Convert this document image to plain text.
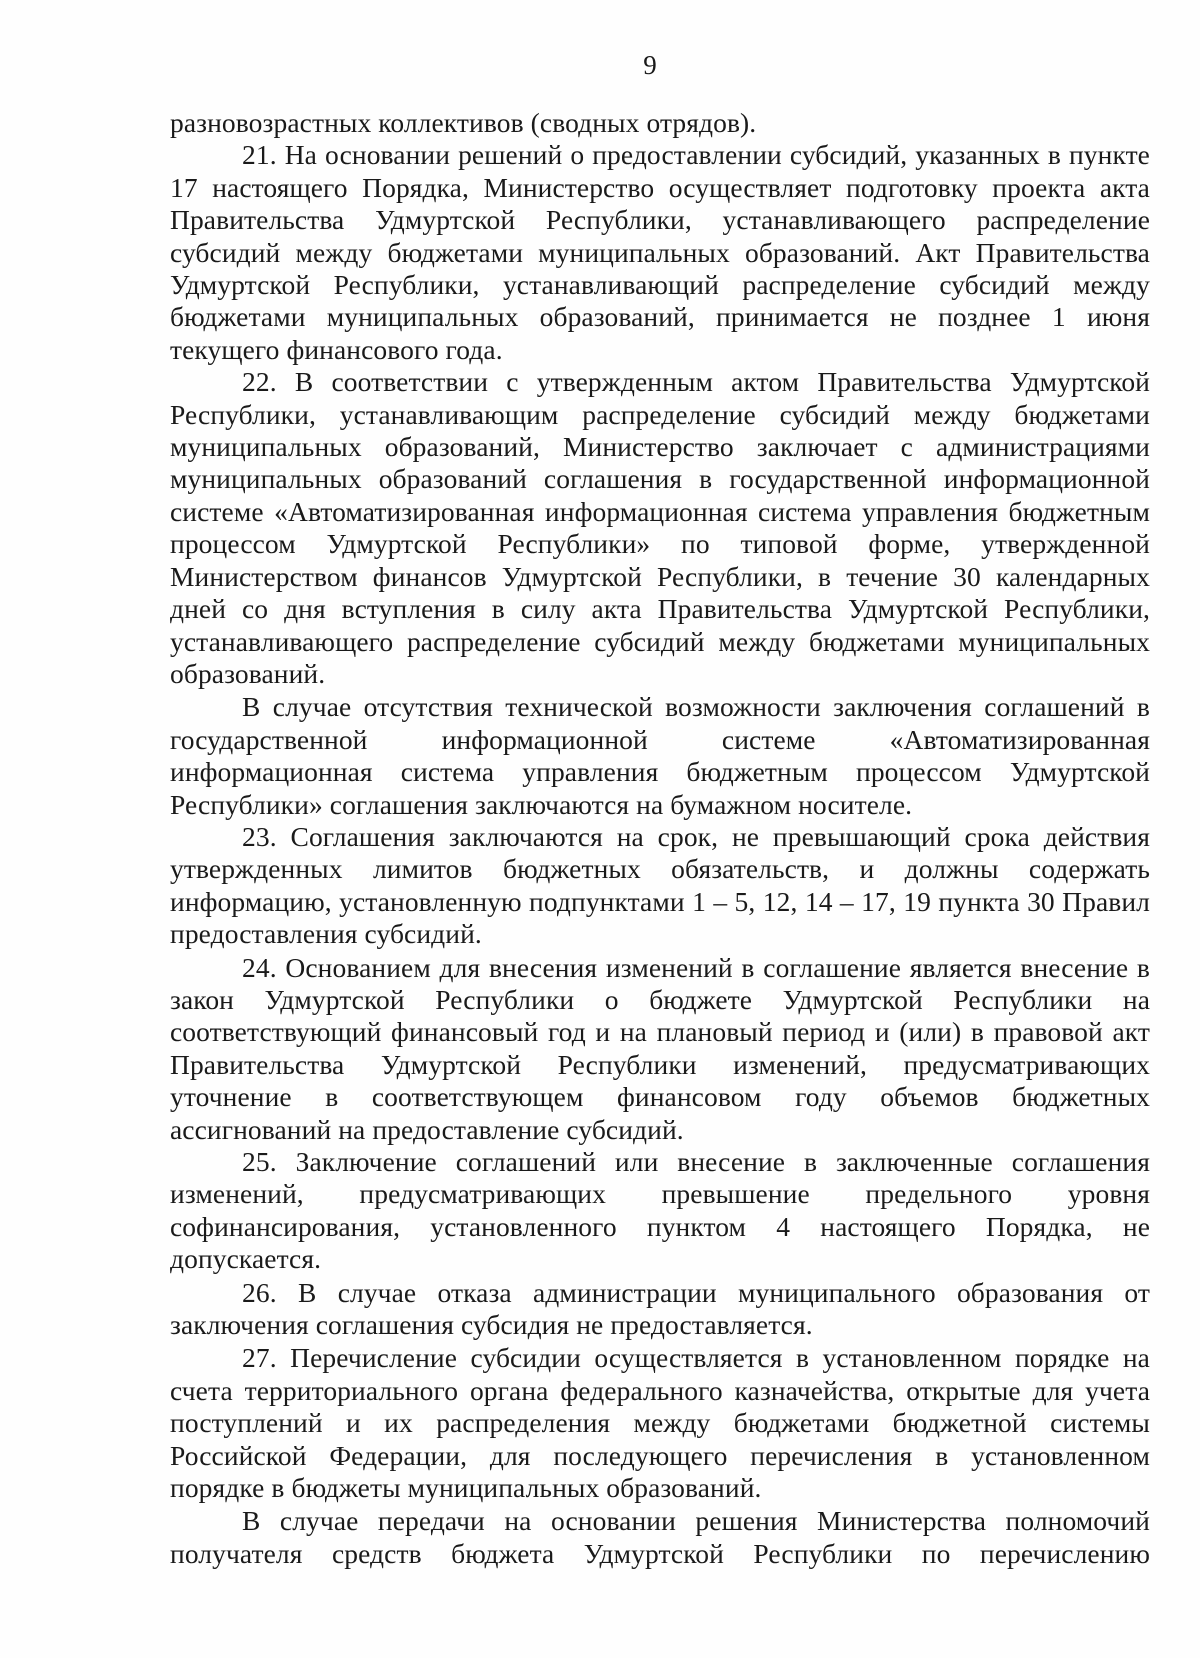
9

разновозрастных коллективов (сводных отрядов).

21. На основании решений о предоставлении субсидий, указанных в пункте 17 настоящего Порядка, Министерство осуществляет подготовку проекта акта Правительства Удмуртской Республики, устанавливающего распределение субсидий между бюджетами муниципальных образований. Акт Правительства Удмуртской Республики, устанавливающий распределение субсидий между бюджетами муниципальных образований, принимается не позднее 1 июня текущего финансового года.

22. В соответствии с утвержденным актом Правительства Удмуртской Республики, устанавливающим распределение субсидий между бюджетами муниципальных образований, Министерство заключает с администрациями муниципальных образований соглашения в государственной информационной системе «Автоматизированная информационная система управления бюджетным процессом Удмуртской Республики» по типовой форме, утвержденной Министерством финансов Удмуртской Республики, в течение 30 календарных дней со дня вступления в силу акта Правительства Удмуртской Республики, устанавливающего распределение субсидий между бюджетами муниципальных образований.

В случае отсутствия технической возможности заключения соглашений в государственной информационной системе «Автоматизированная информационная система управления бюджетным процессом Удмуртской Республики» соглашения заключаются на бумажном носителе.

23. Соглашения заключаются на срок, не превышающий срока действия утвержденных лимитов бюджетных обязательств, и должны содержать информацию, установленную подпунктами 1 – 5, 12, 14 – 17, 19 пункта 30 Правил предоставления субсидий.

24. Основанием для внесения изменений в соглашение является внесение в закон Удмуртской Республики о бюджете Удмуртской Республики на соответствующий финансовый год и на плановый период и (или) в правовой акт Правительства Удмуртской Республики изменений, предусматривающих уточнение в соответствующем финансовом году объемов бюджетных ассигнований на предоставление субсидий.

25. Заключение соглашений или внесение в заключенные соглашения изменений, предусматривающих превышение предельного уровня софинансирования, установленного пунктом 4 настоящего Порядка, не допускается.

26. В случае отказа администрации муниципального образования от заключения соглашения субсидия не предоставляется.

27. Перечисление субсидии осуществляется в установленном порядке на счета территориального органа федерального казначейства, открытые для учета поступлений и их распределения между бюджетами бюджетной системы Российской Федерации, для последующего перечисления в установленном порядке в бюджеты муниципальных образований.

В случае передачи на основании решения Министерства полномочий получателя средств бюджета Удмуртской Республики по перечислению
